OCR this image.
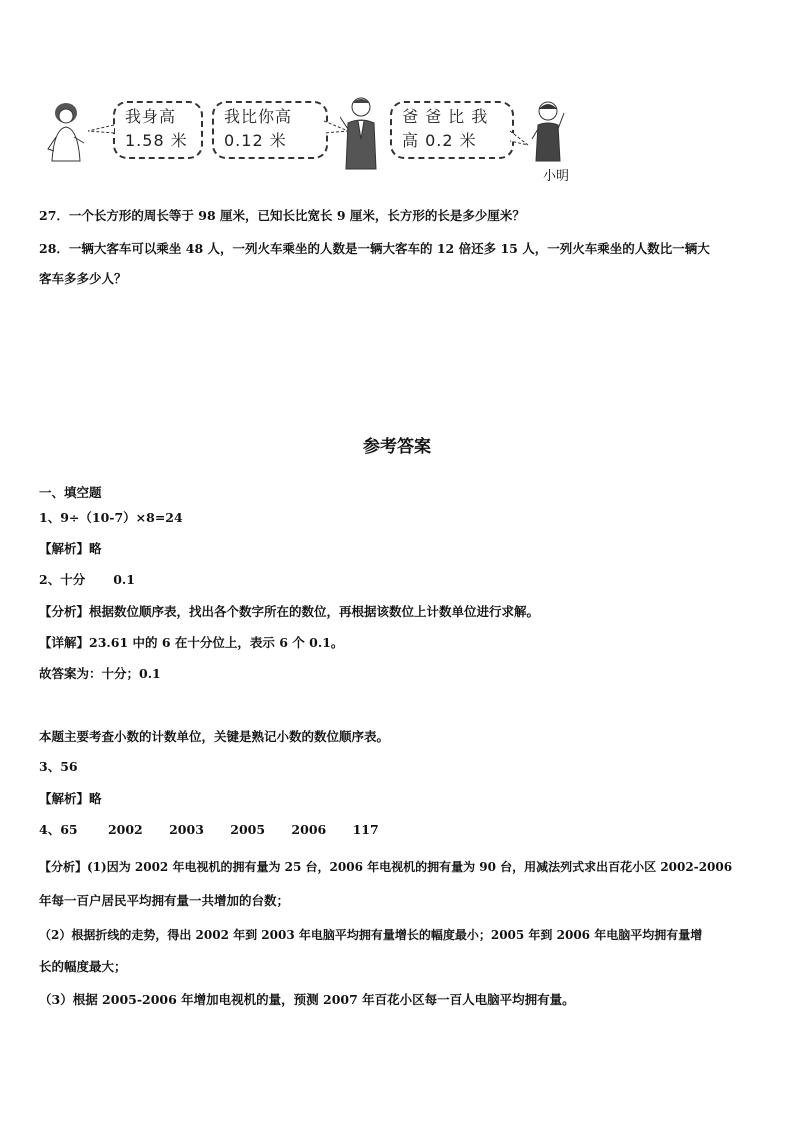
我身高
1.58 米
我比你高
0.12 米
爸 爸 比 我
高 0.2 米
小明
27．一个长方形的周长等于 98 厘米，已知长比宽长 9 厘米，长方形的长是多少厘米？
28．一辆大客车可以乘坐 48 人，一列火车乘坐的人数是一辆大客车的 12 倍还多 15 人，一列火车乘坐的人数比一辆大
客车多多少人？
参考答案
一、填空题
1、9÷（10-7）×8=24
【解析】略
2、十分 0.1
【分析】根据数位顺序表，找出各个数字所在的数位，再根据该数位上计数单位进行求解。
【详解】23.61 中的 6 在十分位上，表示 6 个 0.1。
故答案为：十分；0.1
本题主要考查小数的计数单位，关键是熟记小数的数位顺序表。
3、56
【解析】略
4、65 2002 2003 2005 2006 117
【分析】(1)因为 2002 年电视机的拥有量为 25 台，2006 年电视机的拥有量为 90 台，用减法列式求出百花小区 2002-2006
年每一百户居民平均拥有量一共增加的台数；
（2）根据折线的走势，得出 2002 年到 2003 年电脑平均拥有量增长的幅度最小；2005 年到 2006 年电脑平均拥有量增
长的幅度最大；
（3）根据 2005-2006 年增加电视机的量，预测 2007 年百花小区每一百人电脑平均拥有量。
